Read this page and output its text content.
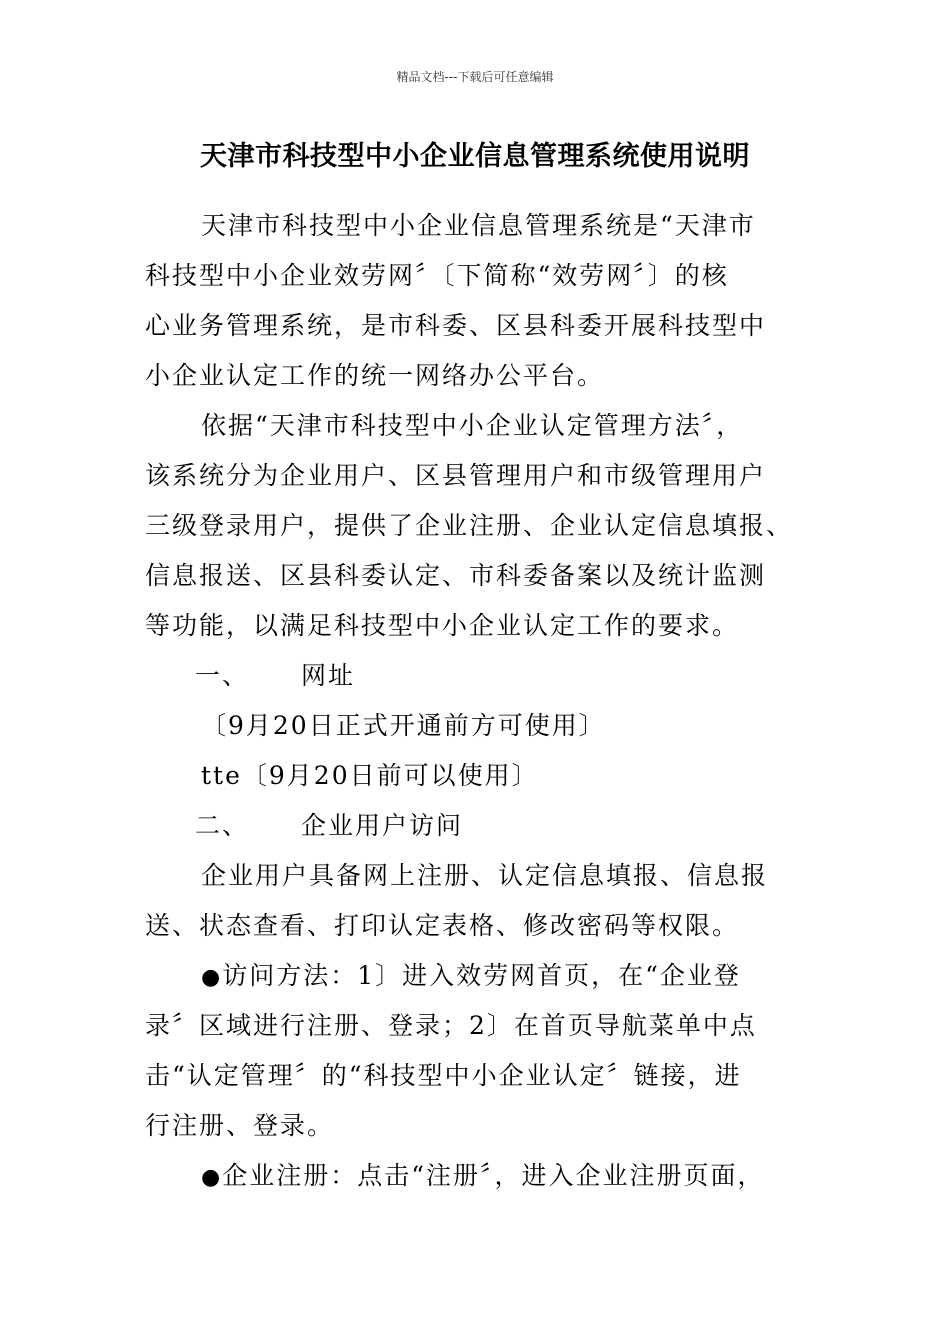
精品文档---下载后可任意编辑
天津市科技型中小企业信息管理系统使用说明
天津市科技型中小企业信息管理系统是“天津市
科技型中小企业效劳网〞〔下简称“效劳网〞〕的核
心业务管理系统，是市科委、区县科委开展科技型中
小企业认定工作的统一网络办公平台。
依据“天津市科技型中小企业认定管理方法〞，
该系统分为企业用户、区县管理用户和市级管理用户
三级登录用户，提供了企业注册、企业认定信息填报、
信息报送、区县科委认定、市科委备案以及统计监测
等功能，以满足科技型中小企业认定工作的要求。
一、 网址
〔9月20日正式开通前方可使用〕
tte〔9月20日前可以使用〕
二、 企业用户访问
企业用户具备网上注册、认定信息填报、信息报
送、状态查看、打印认定表格、修改密码等权限。
●访问方法：1〕进入效劳网首页，在“企业登
录〞区域进行注册、登录；2〕在首页导航菜单中点
击“认定管理〞的“科技型中小企业认定〞链接，进
行注册、登录。
●企业注册：点击“注册〞，进入企业注册页面，
